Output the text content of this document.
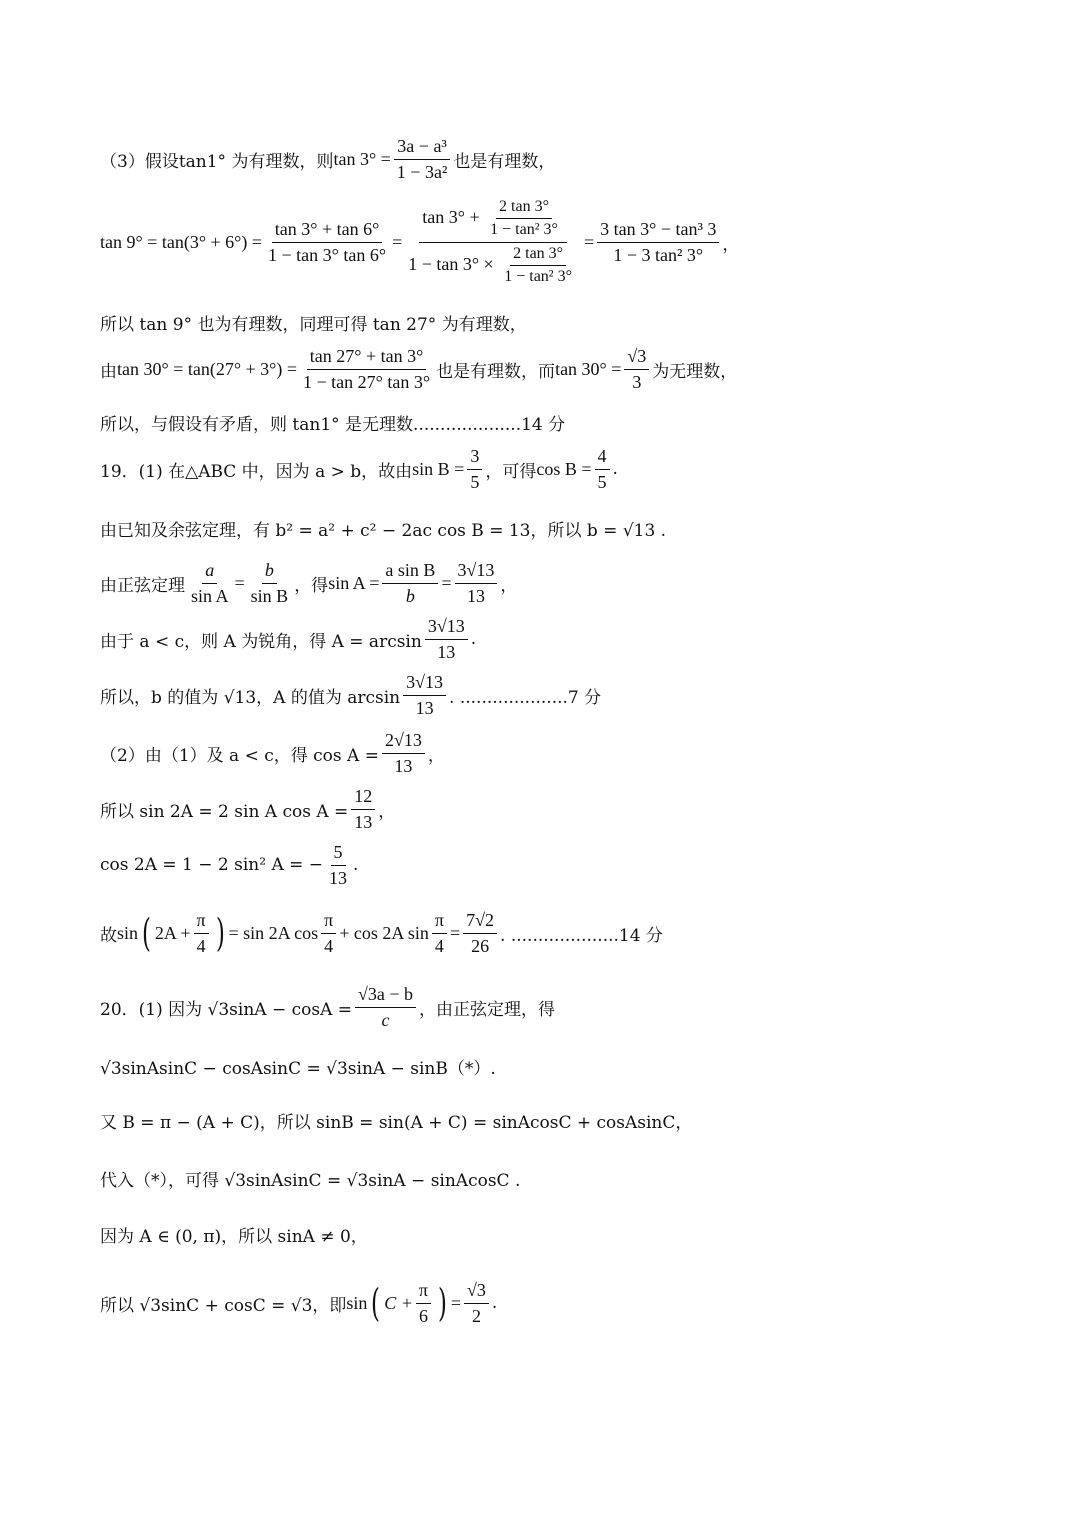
（3）假设tan1° 为有理数，则 $\tan 3^\circ = \frac{\text{3a − a³}}{\text{1 − 3a²}}$ 也是有理数，
$\tan 9^\circ = \tan(3^\circ + 6^\circ) = \frac{\tan 3^\circ + \tan 6^\circ}{1 - \tan 3^\circ \tan 6^\circ}$ =
$\tan 3^\circ + \frac{2 \tan 3^\circ}{\text{1 − tan² 3°}}$
$1 - \tan 3^\circ \times \frac{2 \tan 3^\circ}{\text{1 − tan² 3°}}$
= $\frac{\text{3 tan 3° − tan³ 3}}{\text{1 − 3 tan² 3°}}$ ，
所以 tan 9° 也为有理数，同理可得 tan 27° 为有理数，
由 $\tan 30^\circ = \tan(27^\circ + 3^\circ) = \frac{\tan 27^\circ + \tan 3^\circ}{1 - \tan 27^\circ \tan 3^\circ}$ 也是有理数，而 $\tan 30^\circ = \frac{√3}{3}$ 为无理数，
所以，与假设有矛盾，则 tan1° 是无理数....................14 分
19．(1) 在△ABC 中，因为 a > b，故由 $\sin B = \frac{3}{5}$ ，可得 $\cos B = \frac{4}{5}$ .
由已知及余弦定理，有 b² = a² + c² − 2ac cos B = 13，所以 b = √13 .
由正弦定理 $\frac{a}{\text{sin A}} = \frac{b}{\text{sin B}}$ ，得 $\sin A = \frac{\text{a sin B}}{b} = \frac{3√13}{13}$ ，
由于 a < c，则 A 为锐角，得 $A = \arcsin \frac{3√13}{13}$ .
所以，b 的值为 √13，A 的值为 $\arcsin \frac{3√13}{13}$ . ....................7 分
（2）由（1）及 a < c，得 $\cos A = \frac{2√13}{13}$ ，
所以 sin 2A = 2 sin A $\cos A = \frac{12}{13}$ ，
cos 2A = 1 − 2 sin² A = − $\frac{5}{13}$ .
故 sin ( $2A + \frac{\pi}{4}$ ) = sin 2A $\cos \frac{\pi}{4} + \cos 2A$ $\sin \frac{\pi}{4} = \frac{7√2}{26}$ . ....................14 分
20．(1) 因为 $√3\sin A - \cos A = \frac{√3a - b}{c}$ ，由正弦定理，得
√3sinAsinC − cosAsinC = √3sinA − sinB（*）.
又 B = π − (A + C)，所以 sinB = sin(A + C) = sinAcosC + cosAsinC，
代入（*），可得 √3sinAsinC = √3sinA − sinAcosC .
因为 A ∈ (0, π)，所以 sinA ≠ 0，
所以 √3sinC + cosC = √3，即 sin ( $C + \frac{\pi}{6}$ ) = $\frac{√3}{2}$ .
